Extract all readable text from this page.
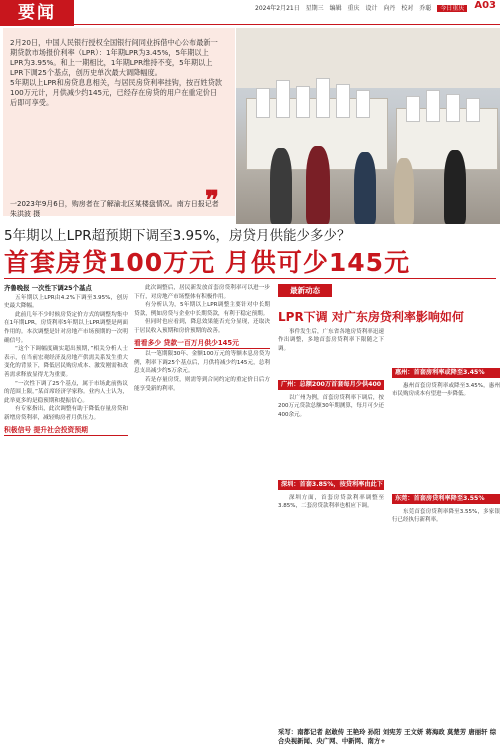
要闻	2024年2月21日 星期三 编辑 重庆 设计 向丹 校对 乔聪 今日重庆	A03

2月20日，中国人民银行授权全国银行间同业拆借中心公布最新一期贷款市场报价利率（LPR）：1年期LPR为3.45%，5年期以上LPR为3.95%。和上一期相比，1年期LPR维持不变，5年期以上LPR下调25个基点，创历史单次最大调降幅度。

5年期以上LPR和房贷息息相关，与居民房贷利率挂钩，按百姓贷款100万元计，月供减少约145元，已经存在房贷的用户在重定价日后即可享受。

❞
一2023年9月6日，购房者在了解渝北区某楼盘情况。南方日报记者 朱洪波 摄
5年期以上LPR超预期下调至3.95%，房贷月供能少多少？
首套房贷100万元 月供可少145元

齐鲁晚报 一次性下调25个基点

五年期以上LPR由4.2%下调至3.95%，创历史最大降幅。

此前几年不少时候房贷定价方式的调整均集中在1年期LPR，房贷利率5年期以上LPR调整是两面作用的。本次调整是针对房地产市场预期的一次明确信号。

“这个下调幅度确实超出预期，”相关分析人士表示，在当前宏观经济及房地产供需关系发生重大变化的背景下，降低居民购房成本、激发刚需和改善需求释放显得尤为重要。

“一次性下调了25个基点，属于市场此前热议的范围上限，”某首席经济学家称。业内人士认为，此举更多的是稳预期和提振信心。

有专家指出，此次调整有助于降低存量房贷和新增房贷利率，减轻购房者月供压力。

积极信号 提升社会投资预期

此次调整后，居民新发放首套房贷利率可以进一步下行，对房地产市场整体有积极作用。

有分析认为，5年期以上LPR调整主要针对中长期贷款，例如房贷与企业中长期贷款，有利于稳定预期。

但同时也应看到，降息效果能否充分显现，还取决于居民收入预期和房价预期的改善。

看看多少 贷款一百万月供少145元

以一笔期限30年、金额100万元的等额本息房贷为例，利率下调25个基点后，月供将减少约145元，总利息支出减少约5万余元。

若是存量房贷，则需等到合同约定的重定价日后方能享受新的利率。

最新动态
LPR下调 对广东房贷利率影响如何

事件发生后，广东省各地房贷利率迅速作出调整，多地首套房贷利率下限随之下调。

广州：总额200万首套每月少供400多元

以广州为例，首套房贷利率下调后，按200万元贷款总额30年期测算，每月可少还400余元。

深圳：首套3.85%，按贷利率由此下调 深圳方面，首套房贷款利率调整至3.85%，二套房贷款利率也相应下调。

惠州：首套房利率或降至3.45%

惠州首套房贷利率或降至3.45%，惠州市民购房成本有望进一步降低。

东莞：首套房贷利率降至3.55%

东莞首套房贷利率降至3.55%，多家银行已经执行新利率。

采写：南都记者 赵敢传 王艳玲 孙阳 刘宪芳 王文妍 蒋海政 莫楚芳 唐丽轩 综合央视新闻、央广网、中新网、南方+
